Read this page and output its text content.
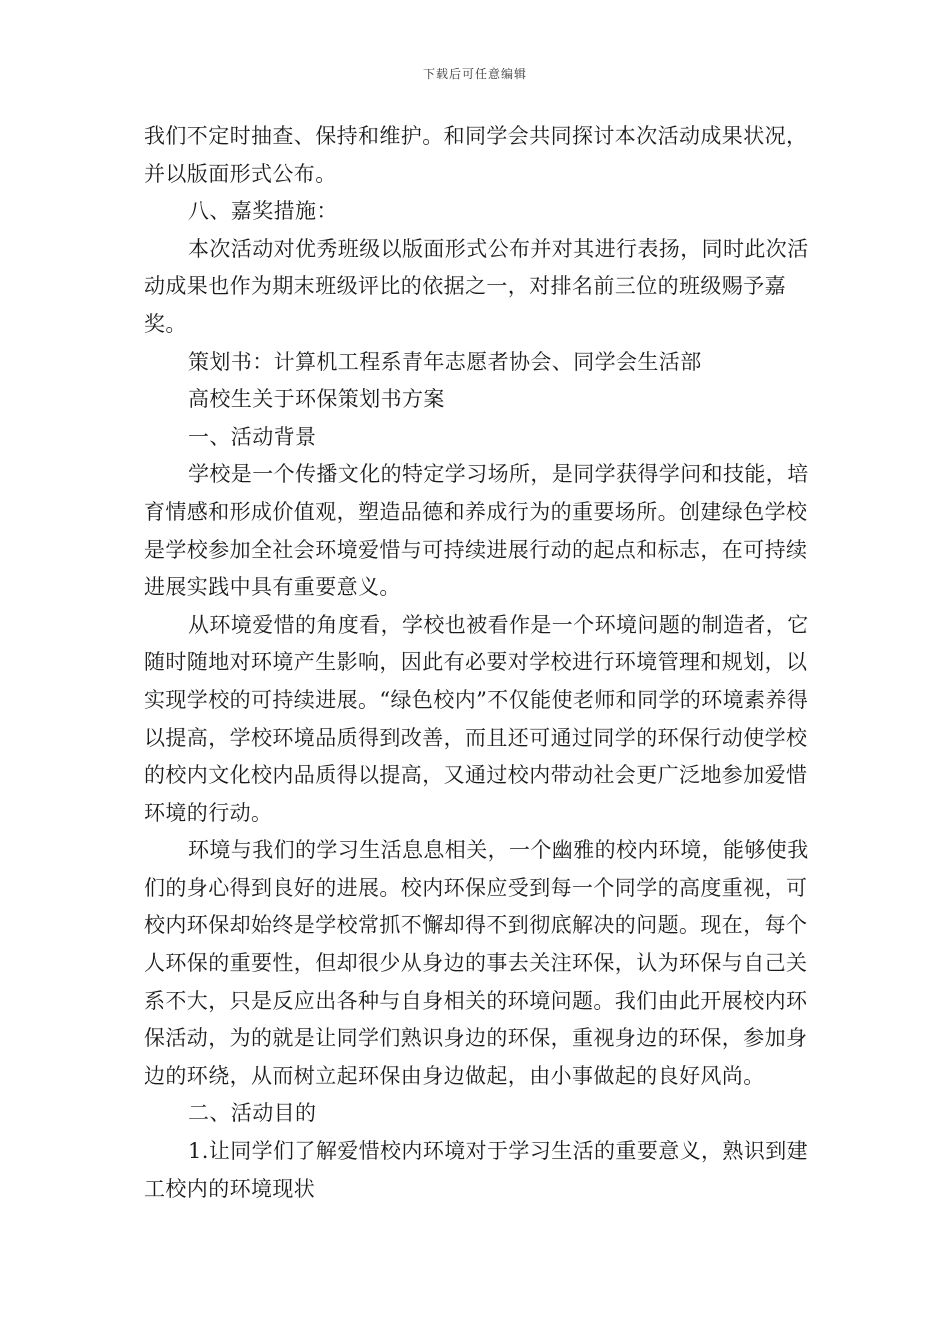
下载后可任意编辑

我们不定时抽查、保持和维护。和同学会共同探讨本次活动成果状况，并以版面形式公布。

八、嘉奖措施：

本次活动对优秀班级以版面形式公布并对其进行表扬，同时此次活动成果也作为期末班级评比的依据之一，对排名前三位的班级赐予嘉奖。

策划书：计算机工程系青年志愿者协会、同学会生活部

高校生关于环保策划书方案

一、活动背景

学校是一个传播文化的特定学习场所，是同学获得学问和技能，培育情感和形成价值观，塑造品德和养成行为的重要场所。创建绿色学校是学校参加全社会环境爱惜与可持续进展行动的起点和标志，在可持续进展实践中具有重要意义。

从环境爱惜的角度看，学校也被看作是一个环境问题的制造者，它随时随地对环境产生影响，因此有必要对学校进行环境管理和规划，以实现学校的可持续进展。“绿色校内”不仅能使老师和同学的环境素养得以提高，学校环境品质得到改善，而且还可通过同学的环保行动使学校的校内文化校内品质得以提高，又通过校内带动社会更广泛地参加爱惜环境的行动。

环境与我们的学习生活息息相关，一个幽雅的校内环境，能够使我们的身心得到良好的进展。校内环保应受到每一个同学的高度重视，可校内环保却始终是学校常抓不懈却得不到彻底解决的问题。现在，每个人环保的重要性，但却很少从身边的事去关注环保，认为环保与自己关系不大，只是反应出各种与自身相关的环境问题。我们由此开展校内环保活动，为的就是让同学们熟识身边的环保，重视身边的环保，参加身边的环绕，从而树立起环保由身边做起，由小事做起的良好风尚。

二、活动目的

1.让同学们了解爱惜校内环境对于学习生活的重要意义，熟识到建工校内的环境现状
